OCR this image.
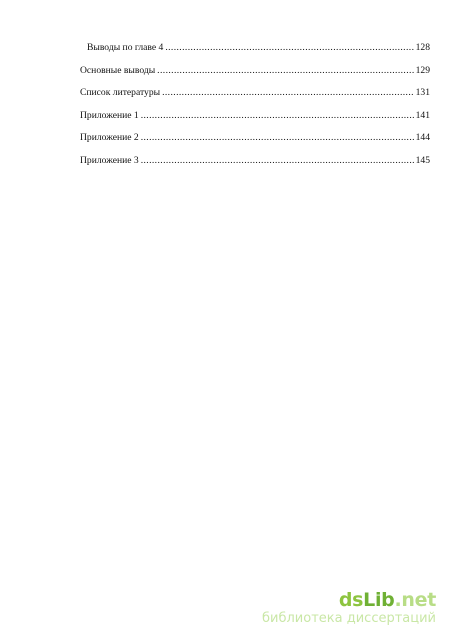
Выводы по главе 4 .....	128
Основные выводы .....	129
Список литературы .....	131
Приложение 1 .....	141
Приложение 2 .....	144
Приложение 3 .....	145
dsLib.net
библиотека диссертаций
